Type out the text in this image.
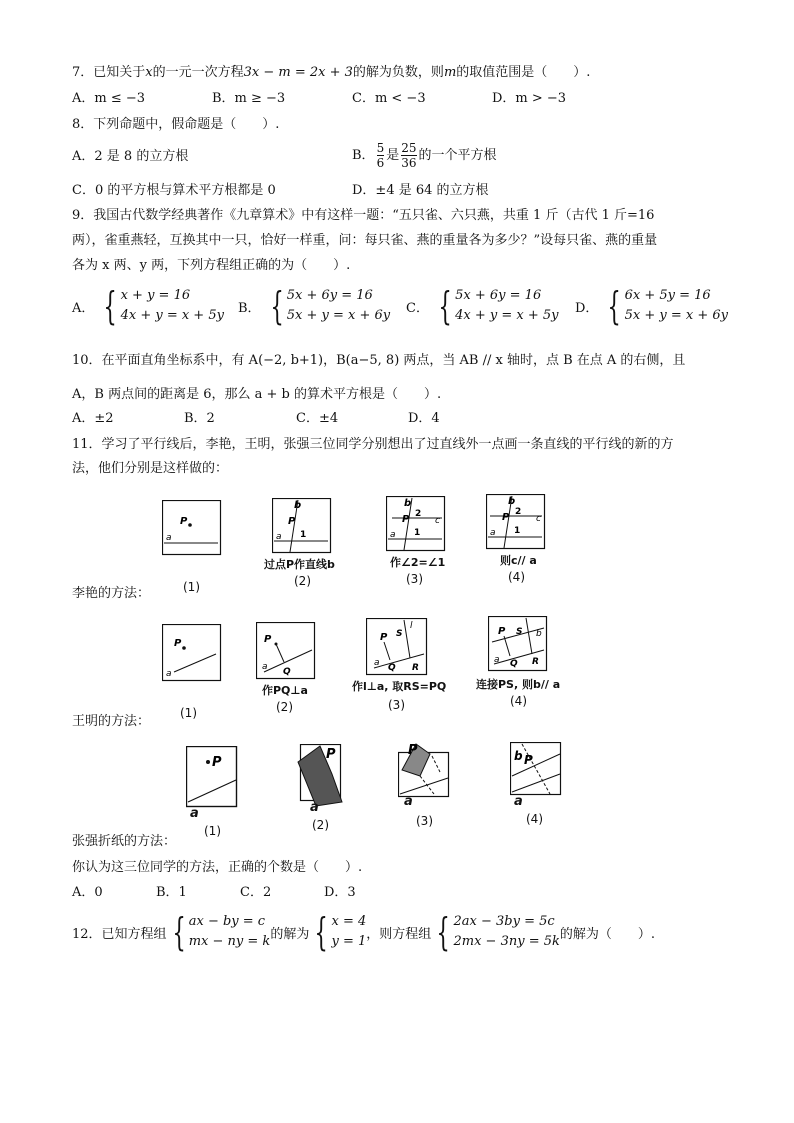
7．已知关于x的一元一次方程3x − m = 2x + 3的解为负数，则m的取值范围是（　　）.
A．m ≤ −3	B．m ≥ −3	C．m < −3	D．m > −3
8．下列命题中，假命题是（　　）.
A．2 是 8 的立方根	B． $\frac{5}{6}$ 是 $\frac{25}{36}$ 的一个平方根
C．0 的平方根与算术平方根都是 0	D．±4 是 64 的立方根
9．我国古代数学经典著作《九章算术》中有这样一题：“五只雀、六只燕，共重 1 斤（古代 1 斤=16
两），雀重燕轻，互换其中一只，恰好一样重，问：每只雀、燕的重量各为多少？”设每只雀、燕的重量
各为 x 两、y 两，下列方程组正确的为（　　）.
A． { x + y = 16
4x + y = x + 5y B． { 5x + 6y = 16
5x + y = x + 6y C． { 5x + 6y = 16
4x + y = x + 5y D． { 6x + 5y = 16
5x + y = x + 6y
10．在平面直角坐标系中，有 A(−2, b+1)，B(a−5, 8) 两点，当 AB // x 轴时，点 B 在点 A 的右侧，且
A，B 两点间的距离是 6，那么 a + b 的算术平方根是（　　）.
A．±2	B．2	C．±4	D．4
11．学习了平行线后，李艳，王明，张强三位同学分别想出了过直线外一点画一条直线的平行线的新的方
法，他们分别是这样做的：
李艳的方法：
P
a
(1)
b
P
a 1
过点P作直线b
(2)
b
P 2
c
a 1
作∠2=∠1
(3)
b
P 2
c
a 1
则c// a
(4)
王明的方法：
P
a
(1)
P
Q
a
作PQ⊥a
(2)
P S
l
Q R
a
作l⊥a, 取RS=PQ
(3)
P S b
Q R
a
连接PS, 则b// a
(4)
张强折纸的方法：
P
a
(1)
P
a
(2)
P
a
(3)
b P
a
(4)
你认为这三位同学的方法，正确的个数是（　　）.
A．0	B．1	C．2	D．3
12．已知方程组 { ax − by = c
mx − ny = k 的解为 { x = 4
y = 1 ，则方程组 { 2ax − 3by = 5c
2mx − 3ny = 5k 的解为（　　）.
